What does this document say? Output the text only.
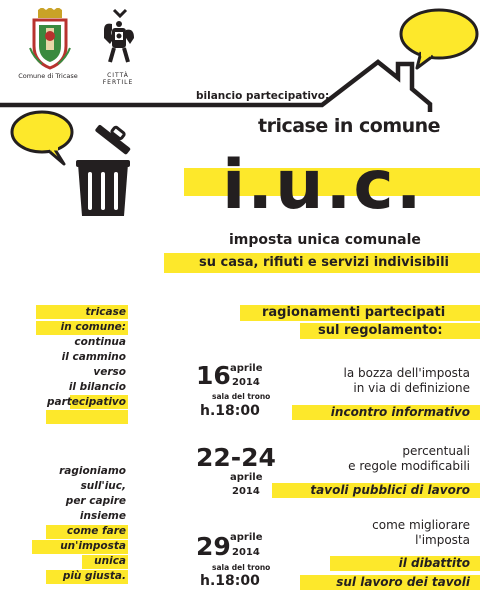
Comune di Tricase	CITTÀ FERTILE
bilancio partecipativo:
tricase in comune
i.u.c.
imposta unica comunale
su casa, rifiuti e servizi indivisibili
tricase
in comune:
continua
il cammino
verso
il bilancio
partecipativo
ragioniamo
sull'iuc,
per capire
insieme
come fare
un'imposta
unica
più giusta.
ragionamenti partecipati
sul regolamento:
16 aprile
2014
sala del trono
h.18:00
la bozza dell'imposta
in via di definizione
incontro informativo
22-24
aprile
2014
percentuali
e regole modificabili
tavoli pubblici di lavoro
29 aprile
2014
sala del trono
h.18:00
come migliorare
l'imposta
il dibattito
sul lavoro dei tavoli
